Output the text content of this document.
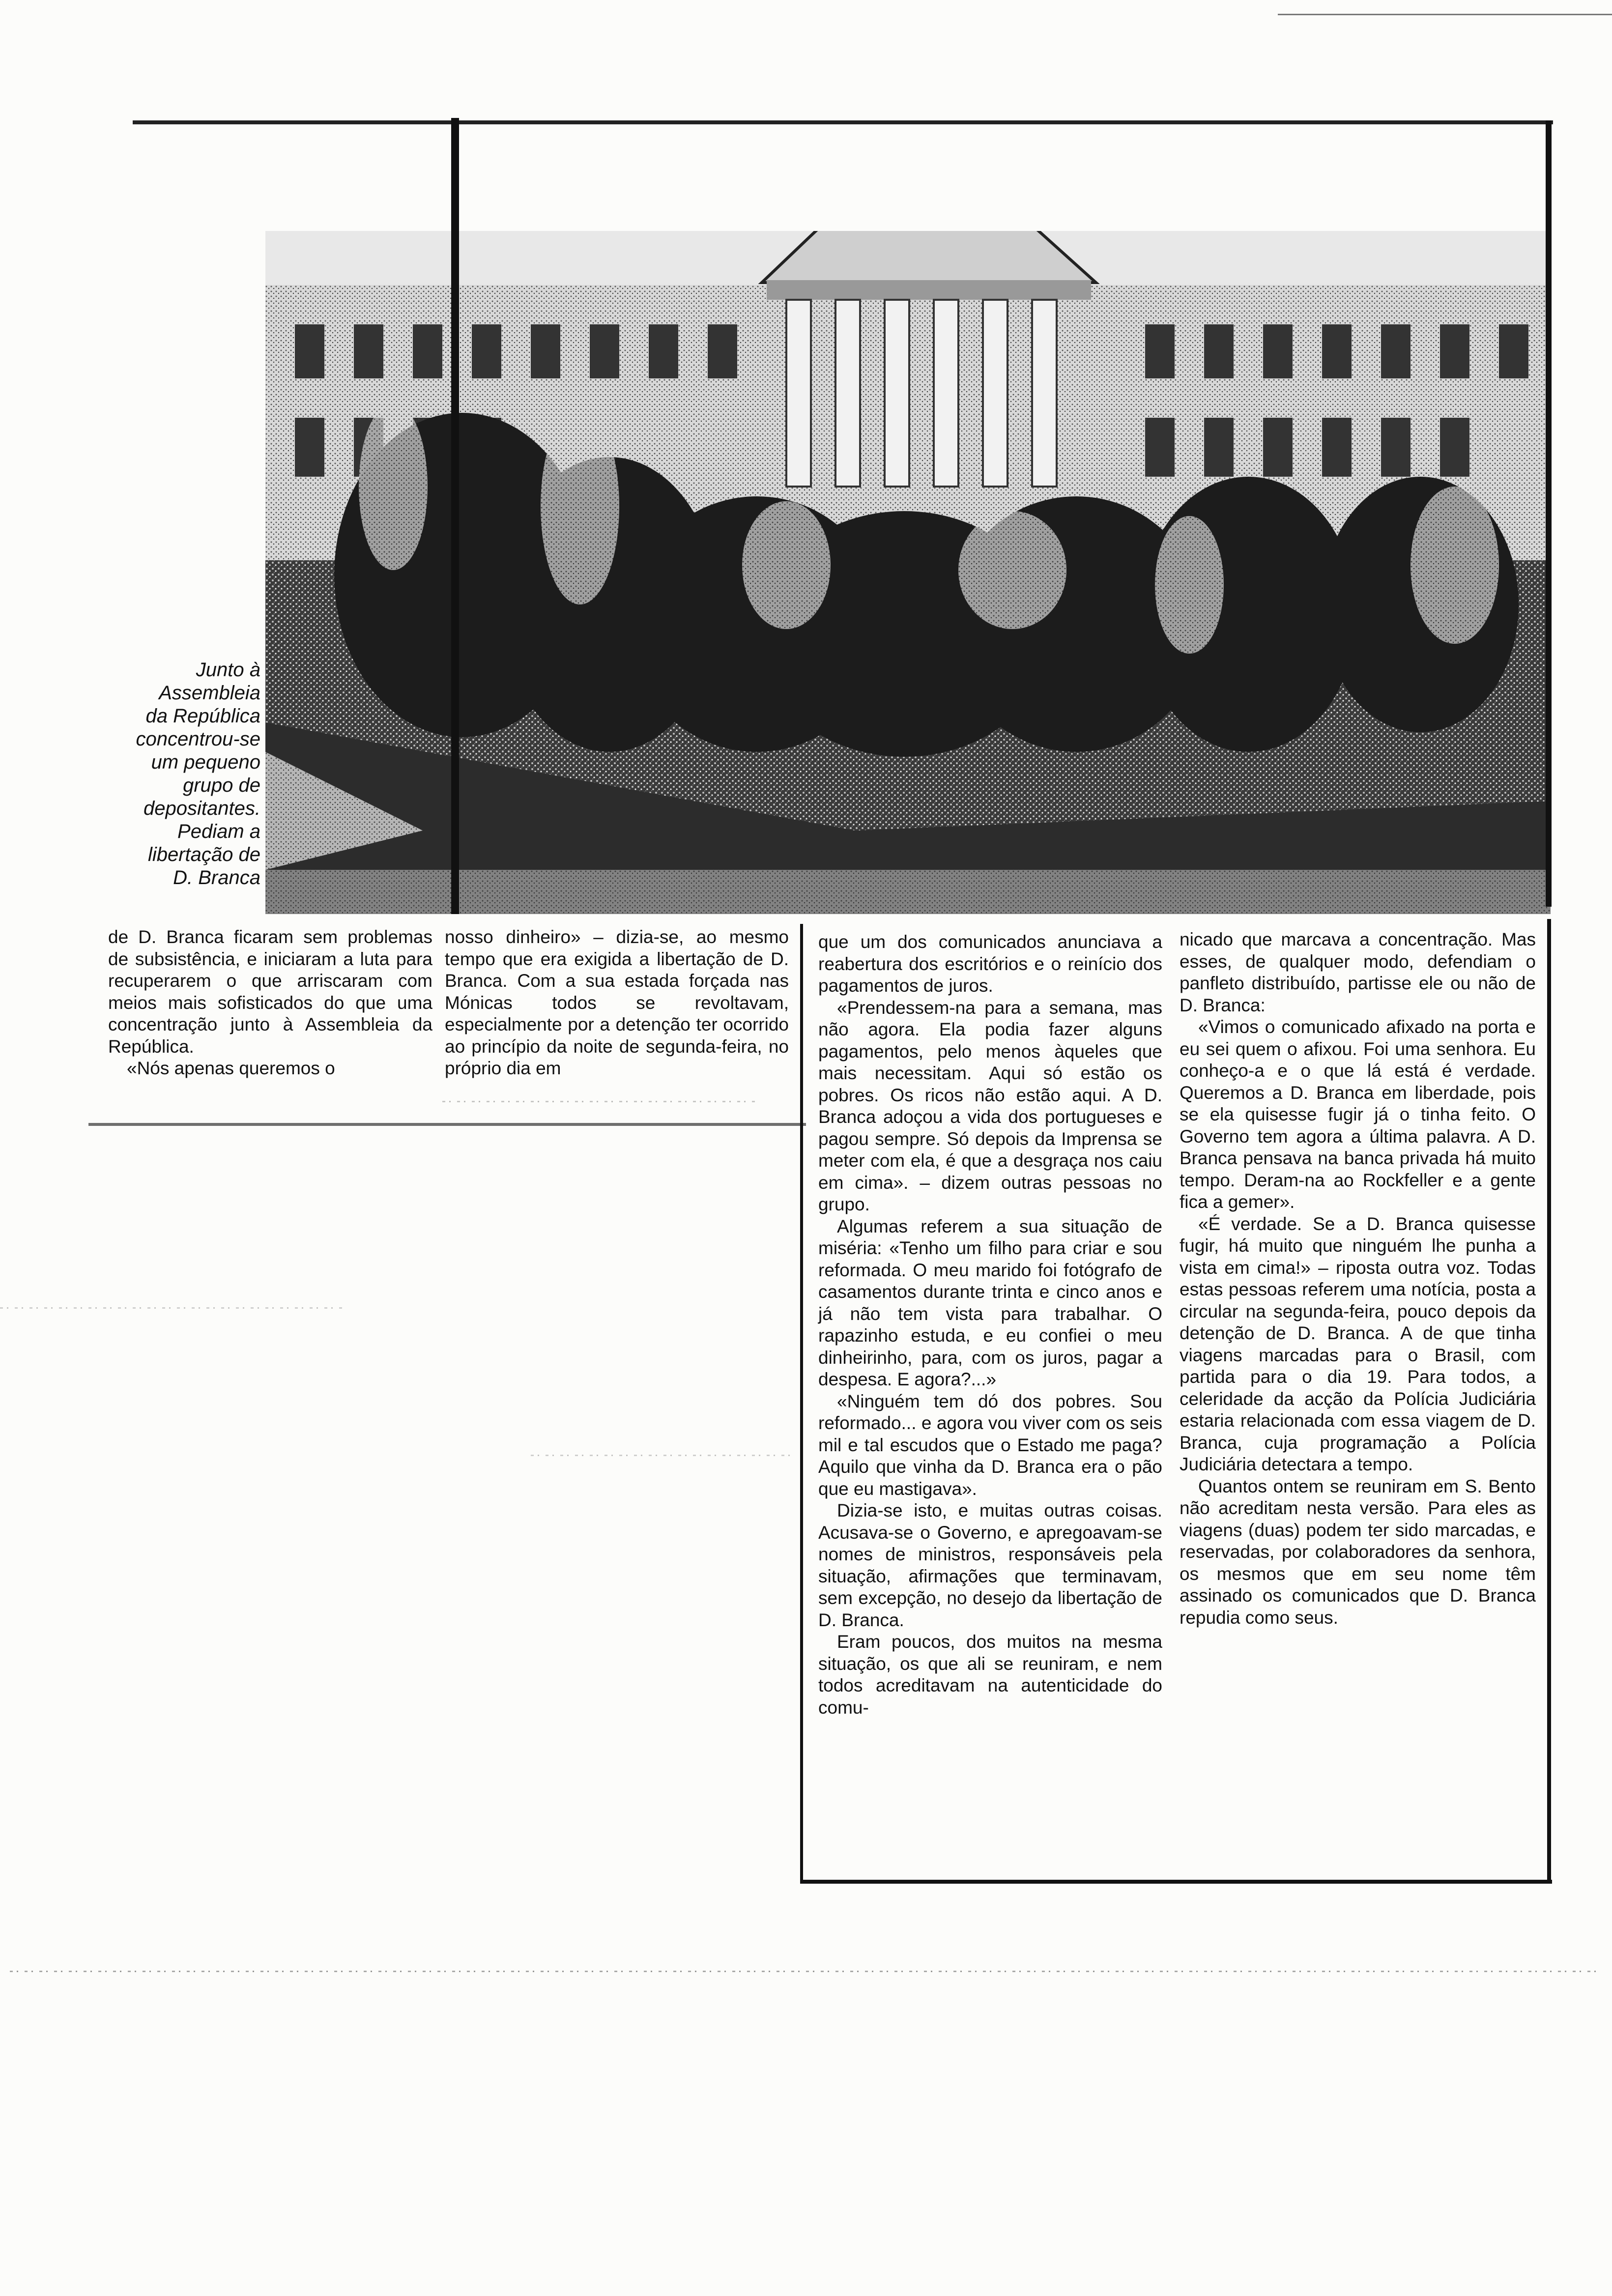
Junto à
Assembleia
da República
concentrou-se
um pequeno
grupo de
depositantes.
Pediam a
libertação de
D. Branca

de D. Branca ficaram sem problemas de subsistência, e iniciaram a luta para recuperarem o que arriscaram com meios mais sofisticados do que uma concentração junto à Assembleia da República.

«Nós apenas queremos o

nosso dinheiro» – dizia-se, ao mesmo tempo que era exigida a libertação de D. Branca. Com a sua estada forçada nas Mónicas todos se revoltavam, especialmente por a detenção ter ocorrido ao princípio da noite de segunda-feira, no próprio dia em

que um dos comunicados anunciava a reabertura dos escritórios e o reinício dos pagamentos de juros.

«Prendessem-na para a semana, mas não agora. Ela podia fazer alguns pagamentos, pelo menos àqueles que mais necessitam. Aqui só estão os pobres. Os ricos não estão aqui. A D. Branca adoçou a vida dos portugueses e pagou sempre. Só depois da Imprensa se meter com ela, é que a desgraça nos caiu em cima». – dizem outras pessoas no grupo.

Algumas referem a sua situação de miséria: «Tenho um filho para criar e sou reformada. O meu marido foi fotógrafo de casamentos durante trinta e cinco anos e já não tem vista para trabalhar. O rapazinho estuda, e eu confiei o meu dinheirinho, para, com os juros, pagar a despesa. E agora?...»

«Ninguém tem dó dos pobres. Sou reformado... e agora vou viver com os seis mil e tal escudos que o Estado me paga? Aquilo que vinha da D. Branca era o pão que eu mastigava».

Dizia-se isto, e muitas outras coisas. Acusava-se o Governo, e apregoavam-se nomes de ministros, responsáveis pela situação, afirmações que terminavam, sem excepção, no desejo da libertação de D. Branca.

Eram poucos, dos muitos na mesma situação, os que ali se reuniram, e nem todos acreditavam na autenticidade do comu-

nicado que marcava a concentração. Mas esses, de qualquer modo, defendiam o panfleto distribuído, partisse ele ou não de D. Branca:

«Vimos o comunicado afixado na porta e eu sei quem o afixou. Foi uma senhora. Eu conheço-a e o que lá está é verdade. Queremos a D. Branca em liberdade, pois se ela quisesse fugir já o tinha feito. O Governo tem agora a última palavra. A D. Branca pensava na banca privada há muito tempo. Deram-na ao Rockfeller e a gente fica a gemer».

«É verdade. Se a D. Branca quisesse fugir, há muito que ninguém lhe punha a vista em cima!» – riposta outra voz. Todas estas pessoas referem uma notícia, posta a circular na segunda-feira, pouco depois da detenção de D. Branca. A de que tinha viagens marcadas para o Brasil, com partida para o dia 19. Para todos, a celeridade da acção da Polícia Judiciária estaria relacionada com essa viagem de D. Branca, cuja programação a Polícia Judiciária detectara a tempo.

Quantos ontem se reuniram em S. Bento não acreditam nesta versão. Para eles as viagens (duas) podem ter sido marcadas, e reservadas, por colaboradores da senhora, os mesmos que em seu nome têm assinado os comunicados que D. Branca repudia como seus.
